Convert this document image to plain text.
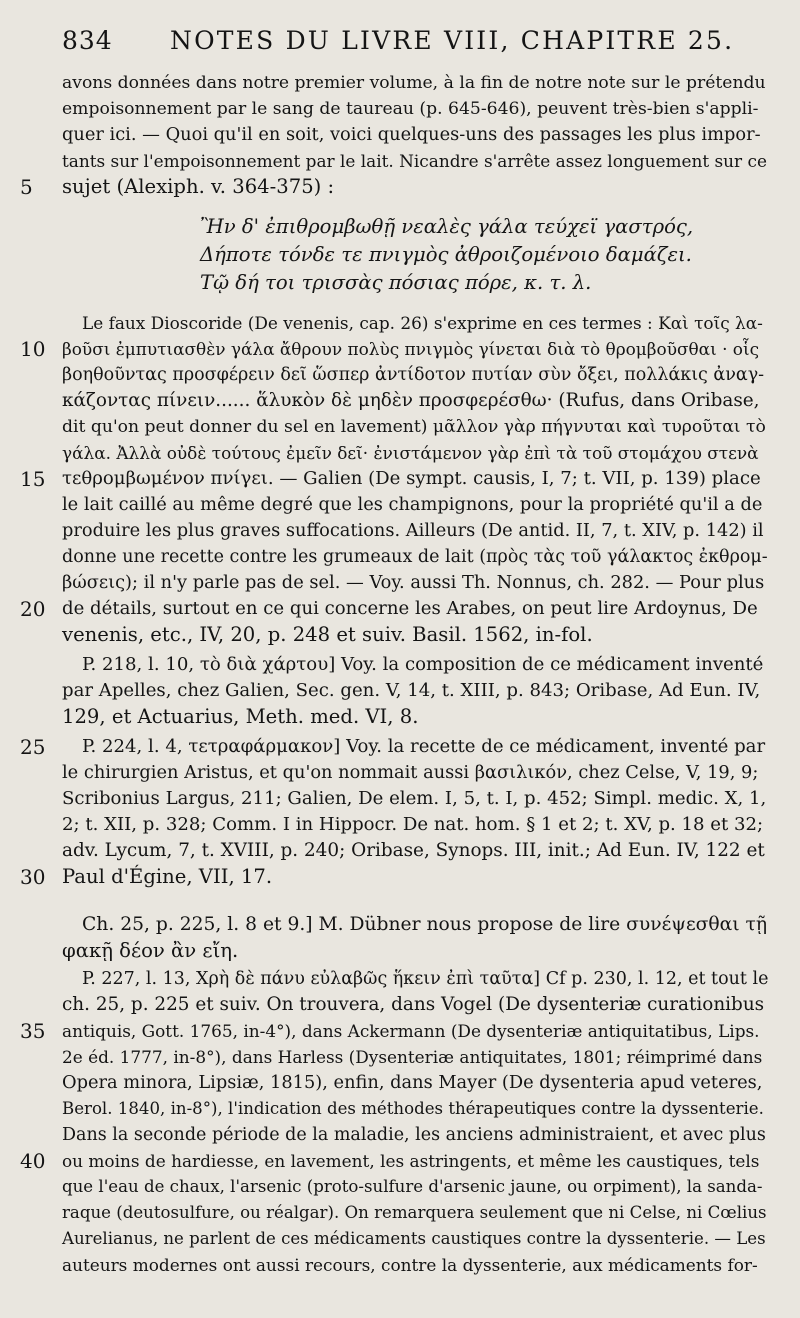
834 NOTES DU LIVRE VIII, CHAPITRE 25.
avons données dans notre premier volume, à la fin de notre note sur le prétendu
empoisonnement par le sang de taureau (p. 645-646), peuvent très-bien s'appli-
quer ici. — Quoi qu'il en soit, voici quelques-uns des passages les plus impor-
tants sur l'empoisonnement par le lait. Nicandre s'arrête assez longuement sur ce
sujet (Alexiph. v. 364-375) :
Ἢν δ' ἐπιθρομβωθῇ νεαλὲς γάλα τεύχεϊ γαστρός,
Δήποτε τόνδε τε πνιγμὸς ἀθροιζομένοιο δαμάζει.
Τῷ δή τοι τρισσὰς πόσιας πόρε, κ. τ. λ.
Le faux Dioscoride (De venenis, cap. 26) s'exprime en ces termes : Καὶ τοῖς λα-
βοῦσι ἐμπυτιασθὲν γάλα ἄθρουν πολὺς πνιγμὸς γίνεται διὰ τὸ θρομβοῦσθαι · οἷς
βοηθοῦντας προσφέρειν δεῖ ὥσπερ ἀντίδοτον πυτίαν σὺν ὄξει, πολλάκις ἀναγ-
κάζοντας πίνειν...... ἅλυκὸν δὲ μηδὲν προσφερέσθω· (Rufus, dans Oribase,
dit qu'on peut donner du sel en lavement) μᾶλλον γὰρ πήγνυται καὶ τυροῦται τὸ
γάλα. Ἀλλὰ οὐδὲ τούτους ἐμεῖν δεῖ· ἐνιστάμενον γὰρ ἐπὶ τὰ τοῦ στομάχου στενὰ
τεθρομβωμένον πνίγει. — Galien (De sympt. causis, I, 7; t. VII, p. 139) place
le lait caillé au même degré que les champignons, pour la propriété qu'il a de
produire les plus graves suffocations. Ailleurs (De antid. II, 7, t. XIV, p. 142) il
donne une recette contre les grumeaux de lait (πρὸς τὰς τοῦ γάλακτος ἐκθρομ-
βώσεις); il n'y parle pas de sel. — Voy. aussi Th. Nonnus, ch. 282. — Pour plus
de détails, surtout en ce qui concerne les Arabes, on peut lire Ardoynus, De
venenis, etc., IV, 20, p. 248 et suiv. Basil. 1562, in-fol.
P. 218, l. 10, τὸ διὰ χάρτου] Voy. la composition de ce médicament inventé
par Apelles, chez Galien, Sec. gen. V, 14, t. XIII, p. 843; Oribase, Ad Eun. IV,
129, et Actuarius, Meth. med. VI, 8.
P. 224, l. 4, τετραφάρμακον] Voy. la recette de ce médicament, inventé par
le chirurgien Aristus, et qu'on nommait aussi βασιλικόν, chez Celse, V, 19, 9;
Scribonius Largus, 211; Galien, De elem. I, 5, t. I, p. 452; Simpl. medic. X, 1,
2; t. XII, p. 328; Comm. I in Hippocr. De nat. hom. § 1 et 2; t. XV, p. 18 et 32;
adv. Lycum, 7, t. XVIII, p. 240; Oribase, Synops. III, init.; Ad Eun. IV, 122 et
Paul d'Égine, VII, 17.
Ch. 25, p. 225, l. 8 et 9.] M. Dübner nous propose de lire συνέψεσθαι τῇ
φακῇ δέον ἂν εἴη.
P. 227, l. 13, Χρὴ δὲ πάνυ εὐλαβῶς ἥκειν ἐπὶ ταῦτα] Cf p. 230, l. 12, et tout le
ch. 25, p. 225 et suiv. On trouvera, dans Vogel (De dysenteriæ curationibus
antiquis, Gott. 1765, in-4°), dans Ackermann (De dysenteriæ antiquitatibus, Lips.
2e éd. 1777, in-8°), dans Harless (Dysenteriæ antiquitates, 1801; réimprimé dans
Opera minora, Lipsiæ, 1815), enfin, dans Mayer (De dysenteria apud veteres,
Berol. 1840, in-8°), l'indication des méthodes thérapeutiques contre la dyssenterie.
Dans la seconde période de la maladie, les anciens administraient, et avec plus
ou moins de hardiesse, en lavement, les astringents, et même les caustiques, tels
que l'eau de chaux, l'arsenic (proto-sulfure d'arsenic jaune, ou orpiment), la sanda-
raque (deutosulfure, ou réalgar). On remarquera seulement que ni Celse, ni Cœlius
Aurelianus, ne parlent de ces médicaments caustiques contre la dyssenterie. — Les
auteurs modernes ont aussi recours, contre la dyssenterie, aux médicaments for-
5
10
15
20
25
30
35
40
